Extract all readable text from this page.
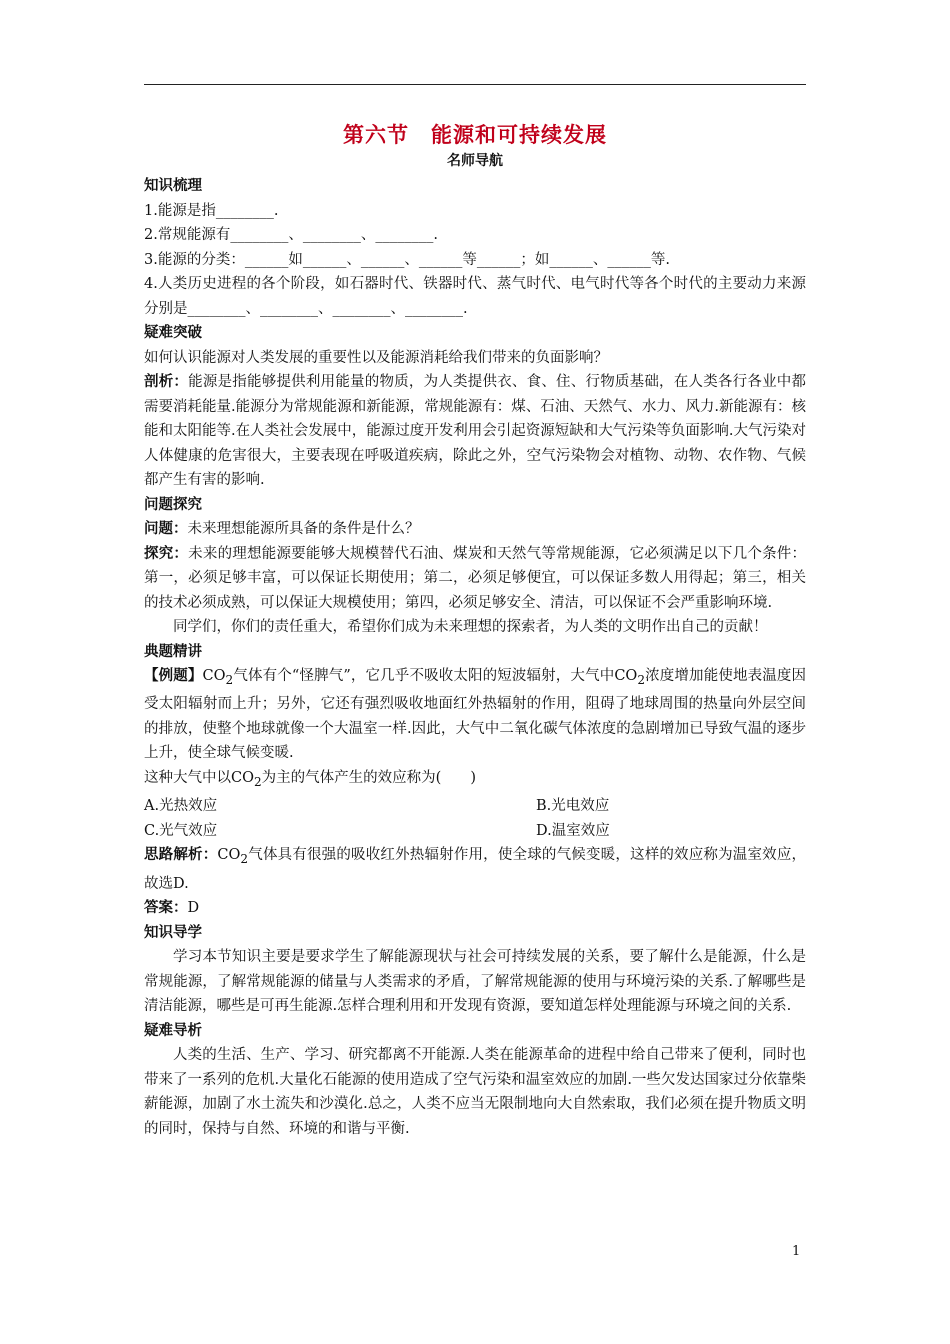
第六节　能源和可持续发展
名师导航
知识梳理

1.能源是指________.

2.常规能源有________、________、________.

3.能源的分类：______如______、______、______等______；如______、______等.

4.人类历史进程的各个阶段，如石器时代、铁器时代、蒸气时代、电气时代等各个时代的主要动力来源分别是________、________、________、________.

疑难突破

如何认识能源对人类发展的重要性以及能源消耗给我们带来的负面影响？

剖析：能源是指能够提供利用能量的物质，为人类提供衣、食、住、行物质基础，在人类各行各业中都需要消耗能量.能源分为常规能源和新能源，常规能源有：煤、石油、天然气、水力、风力.新能源有：核能和太阳能等.在人类社会发展中，能源过度开发利用会引起资源短缺和大气污染等负面影响.大气污染对人体健康的危害很大，主要表现在呼吸道疾病，除此之外，空气污染物会对植物、动物、农作物、气候都产生有害的影响.

问题探究

问题：未来理想能源所具备的条件是什么？

探究：未来的理想能源要能够大规模替代石油、煤炭和天然气等常规能源，它必须满足以下几个条件：第一，必须足够丰富，可以保证长期使用；第二，必须足够便宜，可以保证多数人用得起；第三，相关的技术必须成熟，可以保证大规模使用；第四，必须足够安全、清洁，可以保证不会严重影响环境.

同学们，你们的责任重大，希望你们成为未来理想的探索者，为人类的文明作出自己的贡献！

典题精讲

【例题】$CO_2$气体有个“怪脾气”，它几乎不吸收太阳的短波辐射，大气中$CO_2$浓度增加能使地表温度因受太阳辐射而上升；另外，它还有强烈吸收地面红外热辐射的作用，阻碍了地球周围的热量向外层空间的排放，使整个地球就像一个大温室一样.因此，大气中二氧化碳气体浓度的急剧增加已导致气温的逐步上升，使全球气候变暖.

这种大气中以$CO_2$为主的气体产生的效应称为(　　)

A.光热效应	B.光电效应
C.光气效应	D.温室效应

思路解析：$CO_2$气体具有很强的吸收红外热辐射作用，使全球的气候变暖，这样的效应称为温室效应，故选D.

答案：D

知识导学

学习本节知识主要是要求学生了解能源现状与社会可持续发展的关系，要了解什么是能源，什么是常规能源，了解常规能源的储量与人类需求的矛盾，了解常规能源的使用与环境污染的关系.了解哪些是清洁能源，哪些是可再生能源.怎样合理利用和开发现有资源，要知道怎样处理能源与环境之间的关系.

疑难导析

人类的生活、生产、学习、研究都离不开能源.人类在能源革命的进程中给自己带来了便利，同时也带来了一系列的危机.大量化石能源的使用造成了空气污染和温室效应的加剧.一些欠发达国家过分依靠柴薪能源，加剧了水土流失和沙漠化.总之，人类不应当无限制地向大自然索取，我们必须在提升物质文明的同时，保持与自然、环境的和谐与平衡.

1
